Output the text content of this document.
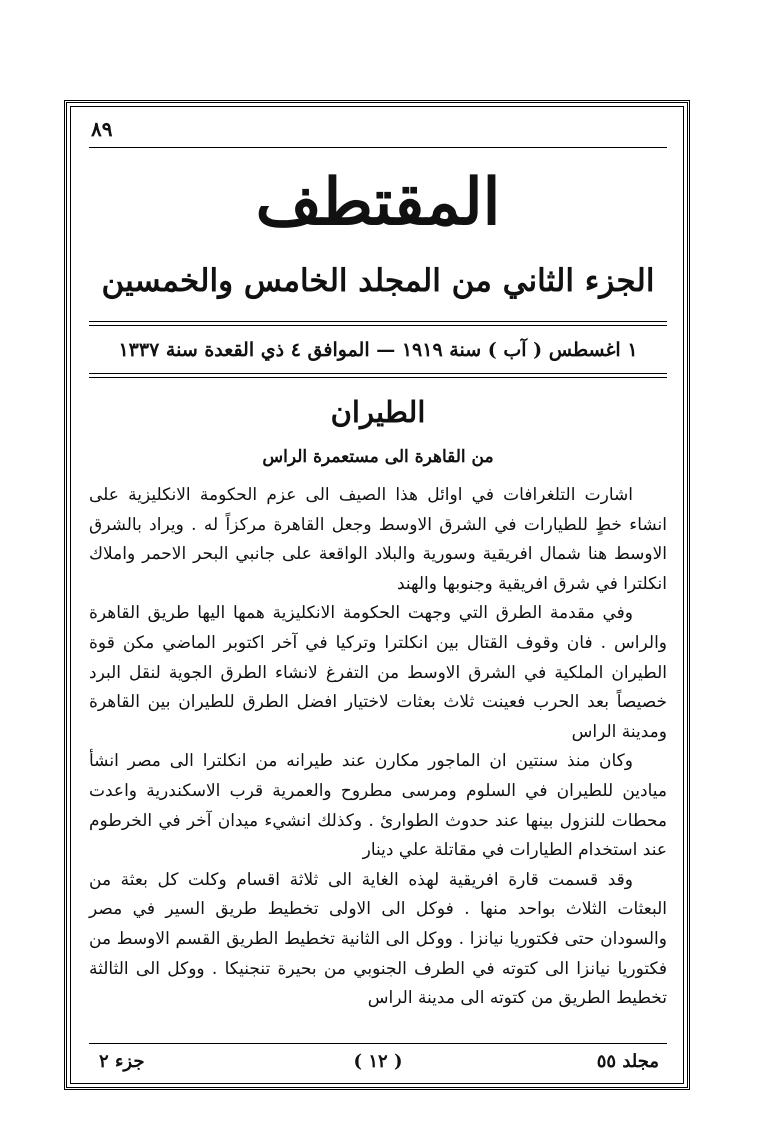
٨٩
المقتطف
الجزء الثاني من المجلد الخامس والخمسين
١ اغسطس ( آب ) سنة ١٩١٩ — الموافق ٤ ذي القعدة سنة ١٣٣٧
الطيران
من القاهرة الى مستعمرة الراس

اشارت التلغرافات في اوائل هذا الصيف الى عزم الحكومة الانكليزية على انشاء خطٍ للطيارات في الشرق الاوسط وجعل القاهرة مركزاً له . ويراد بالشرق الاوسط هنا شمال افريقية وسورية والبلاد الواقعة على جانبي البحر الاحمر واملاك انكلترا في شرق افريقية وجنوبها والهند

وفي مقدمة الطرق التي وجهت الحكومة الانكليزية همها اليها طريق القاهرة والراس . فان وقوف القتال بين انكلترا وتركيا في آخر اكتوبر الماضي مكن قوة الطيران الملكية في الشرق الاوسط من التفرغ لانشاء الطرق الجوية لنقل البرد خصيصاً بعد الحرب فعينت ثلاث بعثات لاختيار افضل الطرق للطيران بين القاهرة ومدينة الراس

وكان منذ سنتين ان الماجور مكارن عند طيرانه من انكلترا الى مصر انشأ ميادين للطيران في السلوم ومرسى مطروح والعمرية قرب الاسكندرية واعدت محطات للنزول بينها عند حدوث الطوارئ . وكذلك انشيء ميدان آخر في الخرطوم عند استخدام الطيارات في مقاتلة علي دينار

وقد قسمت قارة افريقية لهذه الغاية الى ثلاثة اقسام وكلت كل بعثة من البعثات الثلاث بواحد منها . فوكل الى الاولى تخطيط طريق السير في مصر والسودان حتى فكتوريا نيانزا . ووكل الى الثانية تخطيط الطريق القسم الاوسط من فكتوريا نيانزا الى كتوته في الطرف الجنوبي من بحيرة تنجنيكا . ووكل الى الثالثة تخطيط الطريق من كتوته الى مدينة الراس

( ١٢ )	مجلد ٥٥
جزء ٢
